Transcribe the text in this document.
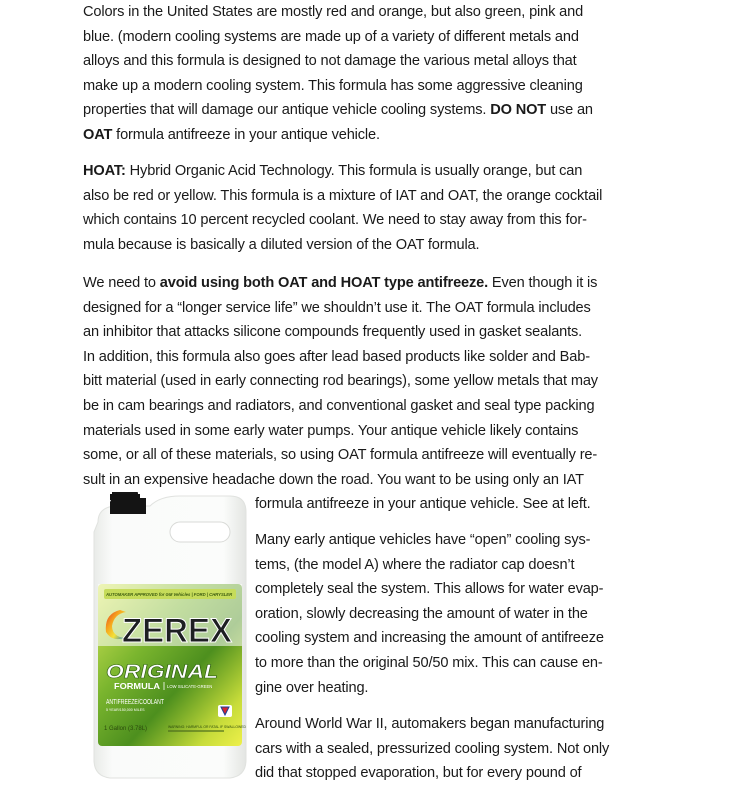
Colors in the United States are mostly red and orange, but also green, pink and
blue. (modern cooling systems are made up of a variety of different metals and
alloys and this formula is designed to not damage the various metal alloys that
make up a modern cooling system. This formula has some aggressive cleaning
properties that will damage our antique vehicle cooling systems. DO NOT use an
OAT formula antifreeze in your antique vehicle.
HOAT: Hybrid Organic Acid Technology. This formula is usually orange, but can
also be red or yellow. This formula is a mixture of IAT and OAT, the orange cocktail
which contains 10 percent recycled coolant. We need to stay away from this for-
mula because is basically a diluted version of the OAT formula.
We need to avoid using both OAT and HOAT type antifreeze. Even though it is
designed for a “longer service life” we shouldn’t use it. The OAT formula includes
an inhibitor that attacks silicone compounds frequently used in gasket sealants.
In addition, this formula also goes after lead based products like solder and Bab-
bitt material (used in early connecting rod bearings), some yellow metals that may
be in cam bearings and radiators, and conventional gasket and seal type packing
materials used in some early water pumps. Your antique vehicle likely contains
some, or all of these materials, so using OAT formula antifreeze will eventually re-
sult in an expensive headache down the road. You want to be using only an IAT
formula antifreeze in your antique vehicle. See at left.
Many early antique vehicles have “open” cooling sys-
tems, (the model A) where the radiator cap doesn’t
completely seal the system. This allows for water evap-
oration, slowly decreasing the amount of water in the
cooling system and increasing the amount of antifreeze
to more than the original 50/50 mix. This can cause en-
gine over heating.
Around World War II, automakers began manufacturing
cars with a sealed, pressurized cooling system. Not only
did that stopped evaporation, but for every pound of
AUTOMAKER APPROVED for GM Vehicles | FORD | CHRYSLER
ZEREX
ORIGINAL
FORMULA LOW SILICATE-GREEN
ANTIFREEZE/COOLANT
5 YEAR/150,000 MILES
1 Gallon (3.78L)	WARNING: HARMFUL OR FATAL IF SWALLOWED
